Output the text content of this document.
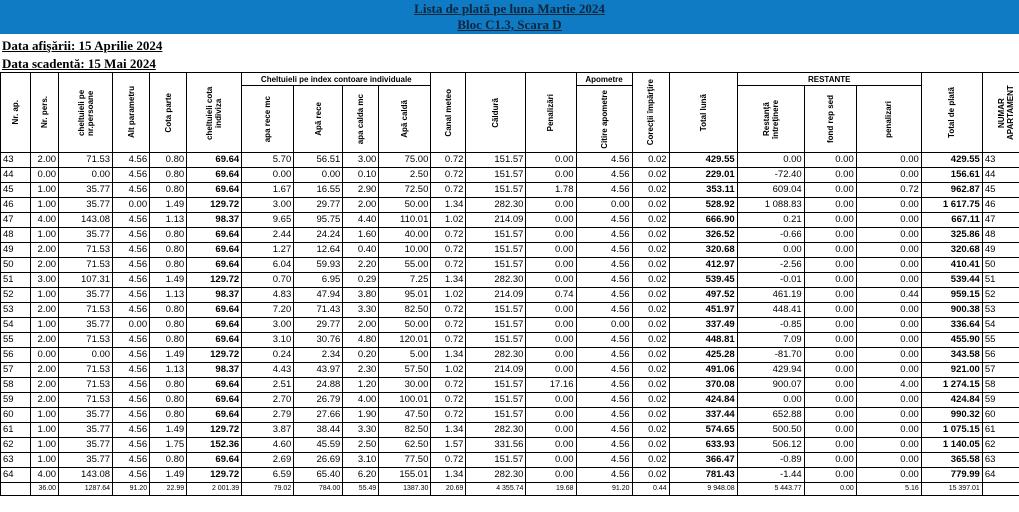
Lista de plată pe luna Martie 2024
Bloc C1.3, Scara D
Data afişării: 15 Aprilie 2024
Data scadentă: 15 Mai 2024
Nr. ap.	Nr. pers.	cheltuieli pe nr.persoane	Alt parametru	Cota parte	cheltuieli cota indiviza	Cheltuieli pe index contoare individuale				Canal meteo	Căldură	Penalizări	Apometre	Corecţii împărţire	Total lună	RESTANTE			Total de plată	NUMAR APARTAMENT

						apa rece mc	Apă rece	apa calda mc	Apă caldă				Citire apometre			Restanţă întreţinere	fond rep sed	penalizari		

43	2.00	71.53	4.56	0.80	69.64	5.70	56.51	3.00	75.00	0.72	151.57	0.00	4.56	0.02	429.55	0.00	0.00	0.00	429.55	43
44	0.00	0.00	4.56	0.80	69.64	0.00	0.00	0.10	2.50	0.72	151.57	0.00	4.56	0.02	229.01	-72.40	0.00	0.00	156.61	44
45	1.00	35.77	4.56	0.80	69.64	1.67	16.55	2.90	72.50	0.72	151.57	1.78	4.56	0.02	353.11	609.04	0.00	0.72	962.87	45
46	1.00	35.77	0.00	1.49	129.72	3.00	29.77	2.00	50.00	1.34	282.30	0.00	0.00	0.02	528.92	1 088.83	0.00	0.00	1 617.75	46
47	4.00	143.08	4.56	1.13	98.37	9.65	95.75	4.40	110.01	1.02	214.09	0.00	4.56	0.02	666.90	0.21	0.00	0.00	667.11	47
48	1.00	35.77	4.56	0.80	69.64	2.44	24.24	1.60	40.00	0.72	151.57	0.00	4.56	0.02	326.52	-0.66	0.00	0.00	325.86	48
49	2.00	71.53	4.56	0.80	69.64	1.27	12.64	0.40	10.00	0.72	151.57	0.00	4.56	0.02	320.68	0.00	0.00	0.00	320.68	49
50	2.00	71.53	4.56	0.80	69.64	6.04	59.93	2.20	55.00	0.72	151.57	0.00	4.56	0.02	412.97	-2.56	0.00	0.00	410.41	50
51	3.00	107.31	4.56	1.49	129.72	0.70	6.95	0.29	7.25	1.34	282.30	0.00	4.56	0.02	539.45	-0.01	0.00	0.00	539.44	51
52	1.00	35.77	4.56	1.13	98.37	4.83	47.94	3.80	95.01	1.02	214.09	0.74	4.56	0.02	497.52	461.19	0.00	0.44	959.15	52
53	2.00	71.53	4.56	0.80	69.64	7.20	71.43	3.30	82.50	0.72	151.57	0.00	4.56	0.02	451.97	448.41	0.00	0.00	900.38	53
54	1.00	35.77	0.00	0.80	69.64	3.00	29.77	2.00	50.00	0.72	151.57	0.00	0.00	0.02	337.49	-0.85	0.00	0.00	336.64	54
55	2.00	71.53	4.56	0.80	69.64	3.10	30.76	4.80	120.01	0.72	151.57	0.00	4.56	0.02	448.81	7.09	0.00	0.00	455.90	55
56	0.00	0.00	4.56	1.49	129.72	0.24	2.34	0.20	5.00	1.34	282.30	0.00	4.56	0.02	425.28	-81.70	0.00	0.00	343.58	56
57	2.00	71.53	4.56	1.13	98.37	4.43	43.97	2.30	57.50	1.02	214.09	0.00	4.56	0.02	491.06	429.94	0.00	0.00	921.00	57
58	2.00	71.53	4.56	0.80	69.64	2.51	24.88	1.20	30.00	0.72	151.57	17.16	4.56	0.02	370.08	900.07	0.00	4.00	1 274.15	58
59	2.00	71.53	4.56	0.80	69.64	2.70	26.79	4.00	100.01	0.72	151.57	0.00	4.56	0.02	424.84	0.00	0.00	0.00	424.84	59
60	1.00	35.77	4.56	0.80	69.64	2.79	27.66	1.90	47.50	0.72	151.57	0.00	4.56	0.02	337.44	652.88	0.00	0.00	990.32	60
61	1.00	35.77	4.56	1.49	129.72	3.87	38.44	3.30	82.50	1.34	282.30	0.00	4.56	0.02	574.65	500.50	0.00	0.00	1 075.15	61
62	1.00	35.77	4.56	1.75	152.36	4.60	45.59	2.50	62.50	1.57	331.56	0.00	4.56	0.02	633.93	506.12	0.00	0.00	1 140.05	62
63	1.00	35.77	4.56	0.80	69.64	2.69	26.69	3.10	77.50	0.72	151.57	0.00	4.56	0.02	366.47	-0.89	0.00	0.00	365.58	63
64	4.00	143.08	4.56	1.49	129.72	6.59	65.40	6.20	155.01	1.34	282.30	0.00	4.56	0.02	781.43	-1.44	0.00	0.00	779.99	64
	36.00	1287.64	91.20	22.99	2 001.39	79.02	784.00	55.49	1387.30	20.69	4 355.74	19.68	91.20	0.44	9 948.08	5 443.77	0.00	5.16	15 397.01	
